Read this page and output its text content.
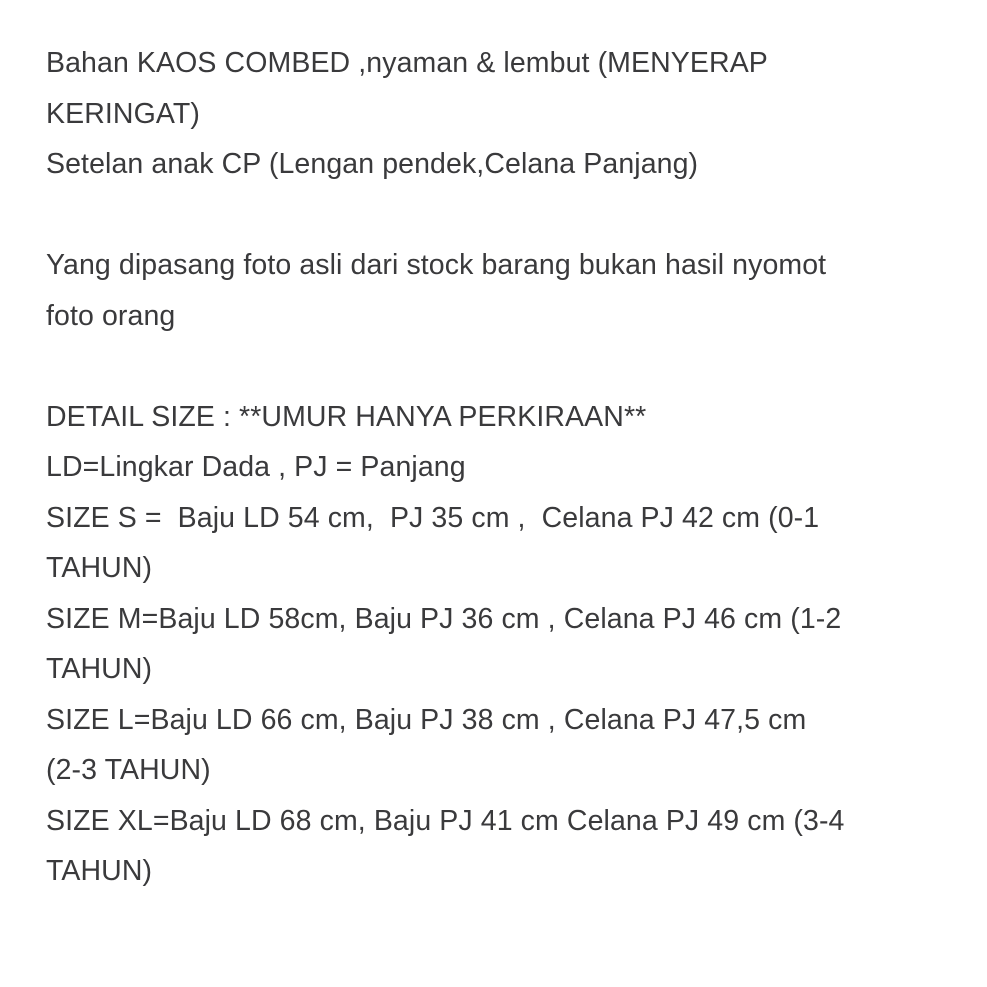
Bahan KAOS COMBED ,nyaman & lembut (MENYERAP
KERINGAT)
Setelan anak CP (Lengan pendek,Celana Panjang)
Yang dipasang foto asli dari stock barang bukan hasil nyomot
foto orang
DETAIL SIZE : **UMUR HANYA PERKIRAAN**
LD=Lingkar Dada , PJ = Panjang
SIZE S =  Baju LD 54 cm,  PJ 35 cm ,  Celana PJ 42 cm (0-1
TAHUN)
SIZE M=Baju LD 58cm, Baju PJ 36 cm , Celana PJ 46 cm (1-2
TAHUN)
SIZE L=Baju LD 66 cm, Baju PJ 38 cm , Celana PJ 47,5 cm
(2-3 TAHUN)
SIZE XL=Baju LD 68 cm, Baju PJ 41 cm Celana PJ 49 cm (3-4
TAHUN)
